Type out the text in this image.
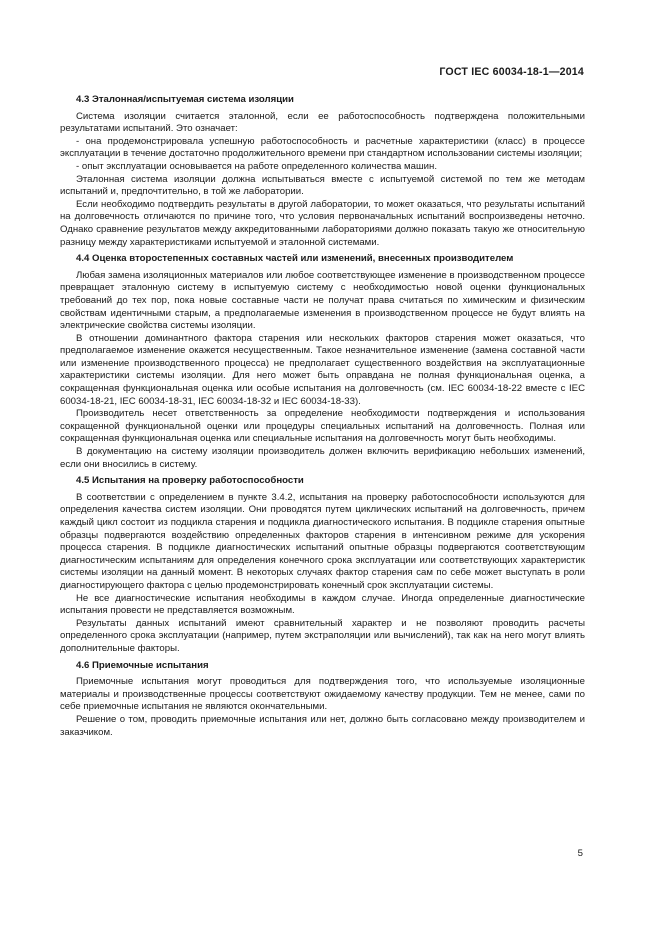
ГОСТ IEC 60034-18-1—2014
4.3 Эталонная/испытуемая система изоляции

Система изоляции считается эталонной, если ее работоспособность подтверждена положительными результатами испытаний. Это означает:

- она продемонстрировала успешную работоспособность и расчетные характеристики (класс) в процессе эксплуатации в течение достаточно продолжительного времени при стандартном использовании системы изоляции;

- опыт эксплуатации основывается на работе определенного количества машин.

Эталонная система изоляции должна испытываться вместе с испытуемой системой по тем же методам испытаний и, предпочтительно, в той же лаборатории.

Если необходимо подтвердить результаты в другой лаборатории, то может оказаться, что результаты испытаний на долговечность отличаются по причине того, что условия первоначальных испытаний воспроизведены неточно. Однако сравнение результатов между аккредитованными лабораториями должно показать такую же относительную разницу между характеристиками испытуемой и эталонной системами.

4.4 Оценка второстепенных составных частей или изменений, внесенных производителем

Любая замена изоляционных материалов или любое соответствующее изменение в производственном процессе превращает эталонную систему в испытуемую систему с необходимостью новой оценки функциональных требований до тех пор, пока новые составные части не получат права считаться по химическим и физическим свойствам идентичными старым, а предполагаемые изменения в производственном процессе не будут влиять на электрические свойства системы изоляции.

В отношении доминантного фактора старения или нескольких факторов старения может оказаться, что предполагаемое изменение окажется несущественным. Такое незначительное изменение (замена составной части или изменение производственного процесса) не предполагает существенного воздействия на эксплуатационные характеристики системы изоляции. Для него может быть оправдана не полная функциональная оценка, а сокращенная функциональная оценка или особые испытания на долговечность (см. IEC 60034-18-22 вместе с IEC 60034-18-21, IEC 60034-18-31, IEC 60034-18-32 и IEC 60034-18-33).

Производитель несет ответственность за определение необходимости подтверждения и использования сокращенной функциональной оценки или процедуры специальных испытаний на долговечность. Полная или сокращенная функциональная оценка или специальные испытания на долговечность могут быть необходимы.

В документацию на систему изоляции производитель должен включить верификацию небольших изменений, если они вносились в систему.

4.5 Испытания на проверку работоспособности

В соответствии с определением в пункте 3.4.2, испытания на проверку работоспособности используются для определения качества систем изоляции. Они проводятся путем циклических испытаний на долговечность, причем каждый цикл состоит из подцикла старения и подцикла диагностического испытания. В подцикле старения опытные образцы подвергаются воздействию определенных факторов старения в интенсивном режиме для ускорения процесса старения. В подцикле диагностических испытаний опытные образцы подвергаются соответствующим диагностическим испытаниям для определения конечного срока эксплуатации или соответствующих характеристик системы изоляции на данный момент. В некоторых случаях фактор старения сам по себе может выступать в роли диагностирующего фактора с целью продемонстрировать конечный срок эксплуатации системы.

Не все диагностические испытания необходимы в каждом случае. Иногда определенные диагностические испытания провести не представляется возможным.

Результаты данных испытаний имеют сравнительный характер и не позволяют проводить расчеты определенного срока эксплуатации (например, путем экстраполяции или вычислений), так как на него могут влиять дополнительные факторы.

4.6 Приемочные испытания

Приемочные испытания могут проводиться для подтверждения того, что используемые изоляционные материалы и производственные процессы соответствуют ожидаемому качеству продукции. Тем не менее, сами по себе приемочные испытания не являются окончательными.

Решение о том, проводить приемочные испытания или нет, должно быть согласовано между производителем и заказчиком.

5
